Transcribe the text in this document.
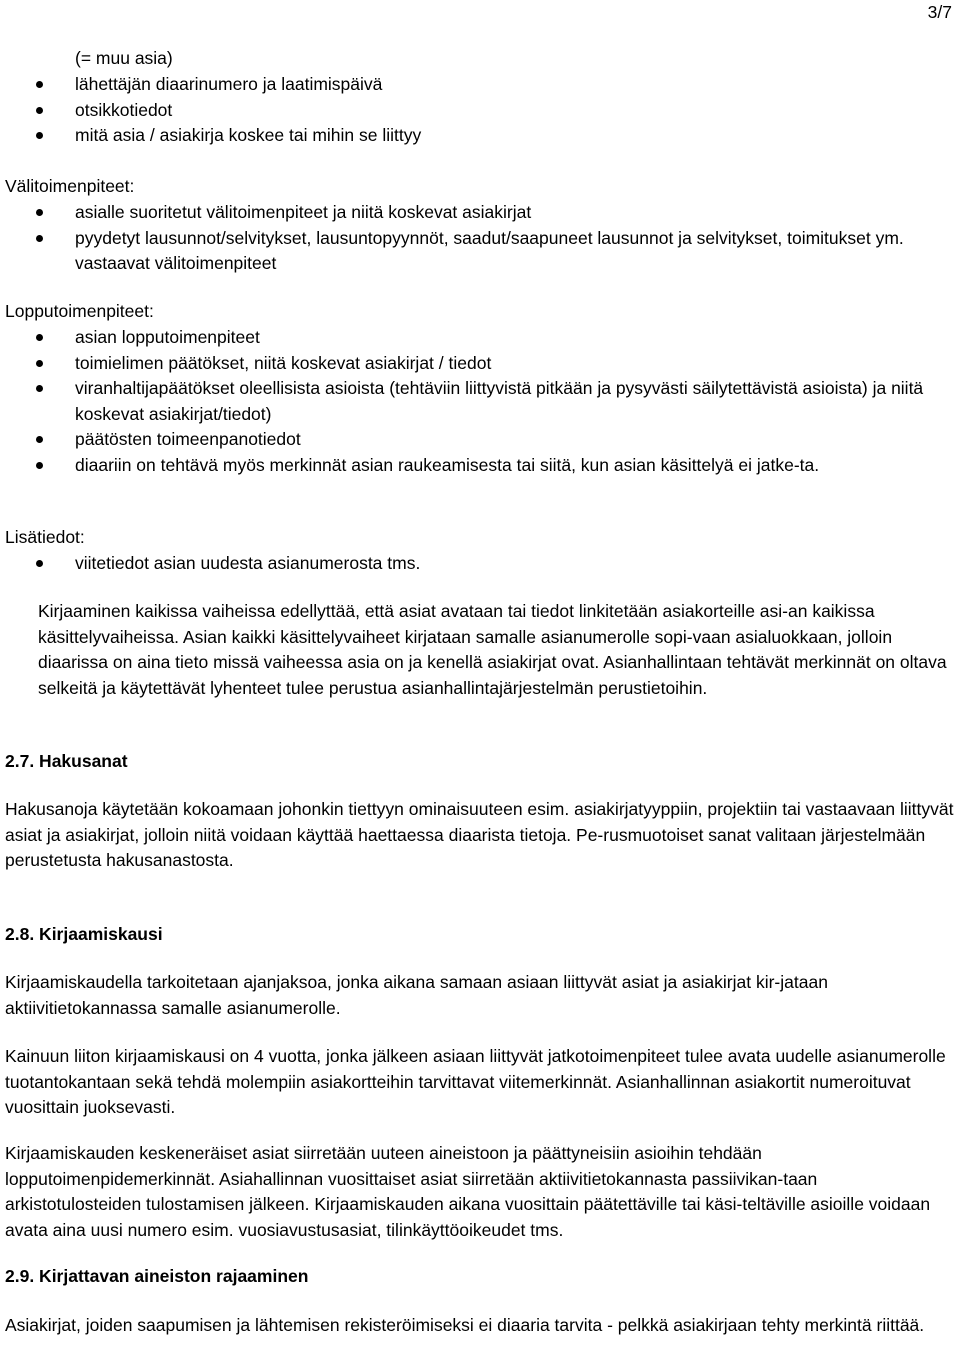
3/7

(= muu asia)

lähettäjän diaarinumero ja laatimispäivä
otsikkotiedot
mitä asia / asiakirja koskee tai mihin se liittyy

Välitoimenpiteet:

asialle suoritetut välitoimenpiteet ja niitä koskevat asiakirjat
pyydetyt lausunnot/selvitykset, lausuntopyynnöt, saadut/saapuneet lausunnot ja selvitykset, toimitukset ym. vastaavat välitoimenpiteet

Lopputoimenpiteet:

asian lopputoimenpiteet
toimielimen päätökset, niitä koskevat asiakirjat / tiedot
viranhaltijapäätökset oleellisista asioista (tehtäviin liittyvistä pitkään ja pysyvästi säilytettävistä asioista) ja niitä koskevat asiakirjat/tiedot)
päätösten toimeenpanotiedot
diaariin on tehtävä myös merkinnät asian raukeamisesta tai siitä, kun asian käsittelyä ei jatke-ta.

Lisätiedot:

viitetiedot asian uudesta asianumerosta tms.

Kirjaaminen kaikissa vaiheissa edellyttää, että asiat avataan tai tiedot linkitetään asiakorteille asi-an kaikissa käsittelyvaiheissa. Asian kaikki käsittelyvaiheet kirjataan samalle asianumerolle sopi-vaan asialuokkaan, jolloin diaarissa on aina tieto missä vaiheessa asia on ja kenellä asiakirjat ovat. Asianhallintaan tehtävät merkinnät on oltava selkeitä ja käytettävät lyhenteet tulee perustua asianhallintajärjestelmän perustietoihin.

2.7. Hakusanat

Hakusanoja käytetään kokoamaan johonkin tiettyyn ominaisuuteen esim. asiakirjatyyppiin, projektiin tai vastaavaan liittyvät asiat ja asiakirjat, jolloin niitä voidaan käyttää haettaessa diaarista tietoja. Pe-rusmuotoiset sanat valitaan järjestelmään perustetusta hakusanastosta.

2.8. Kirjaamiskausi

Kirjaamiskaudella tarkoitetaan ajanjaksoa, jonka aikana samaan asiaan liittyvät asiat ja asiakirjat kir-jataan aktiivitietokannassa samalle asianumerolle.

Kainuun liiton kirjaamiskausi on 4 vuotta, jonka jälkeen asiaan liittyvät jatkotoimenpiteet tulee avata uudelle asianumerolle tuotantokantaan sekä tehdä molempiin asiakortteihin tarvittavat viitemerkinnät. Asianhallinnan asiakortit numeroituvat vuosittain juoksevasti.

Kirjaamiskauden keskeneräiset asiat siirretään uuteen aineistoon ja päättyneisiin asioihin tehdään lopputoimenpidemerkinnät. Asiahallinnan vuosittaiset asiat siirretään aktiivitietokannasta passiivikan-taan arkistotulosteiden tulostamisen jälkeen. Kirjaamiskauden aikana vuosittain päätettäville tai käsi-teltäville asioille voidaan avata aina uusi numero esim. vuosiavustusasiat, tilinkäyttöoikeudet tms.

2.9. Kirjattavan aineiston rajaaminen

Asiakirjat, joiden saapumisen ja lähtemisen rekisteröimiseksi ei diaaria tarvita - pelkkä asiakirjaan tehty merkintä riittää.
